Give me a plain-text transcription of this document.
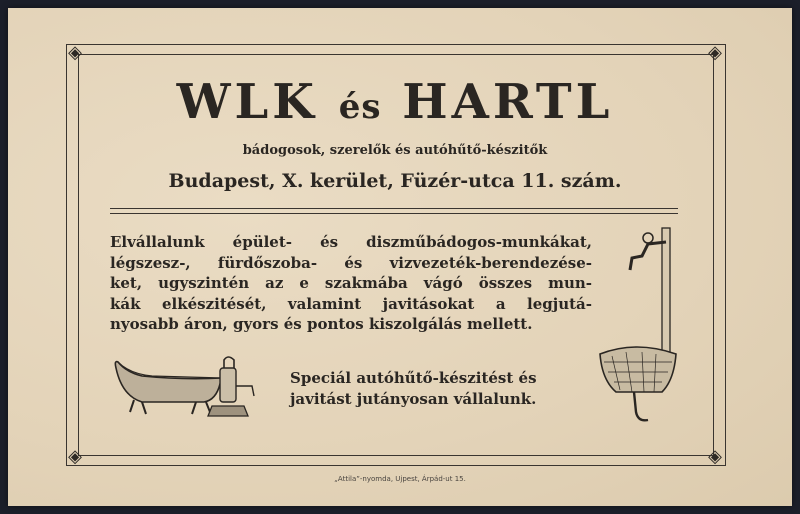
◈	◈
◈	◈
WLK és HARTL
bádogosok, szerelők és autóhűtő-készitők
Budapest, X. kerület, Füzér-utca 11. szám.
Elvállalunk épület- és diszműbádogos-munkákat,
légszesz-, fürdőszoba- és vizvezeték-berendezése-
ket, ugyszintén az e szakmába vágó összes mun-
kák elkészitését, valamint javitásokat a legjutá-
nyosabb áron, gyors és pontos kiszolgálás mellett.
Speciál autóhűtő-készitést és
javitást jutányosan vállalunk.
„Attila”-nyomda, Ujpest, Árpád-ut 15.
